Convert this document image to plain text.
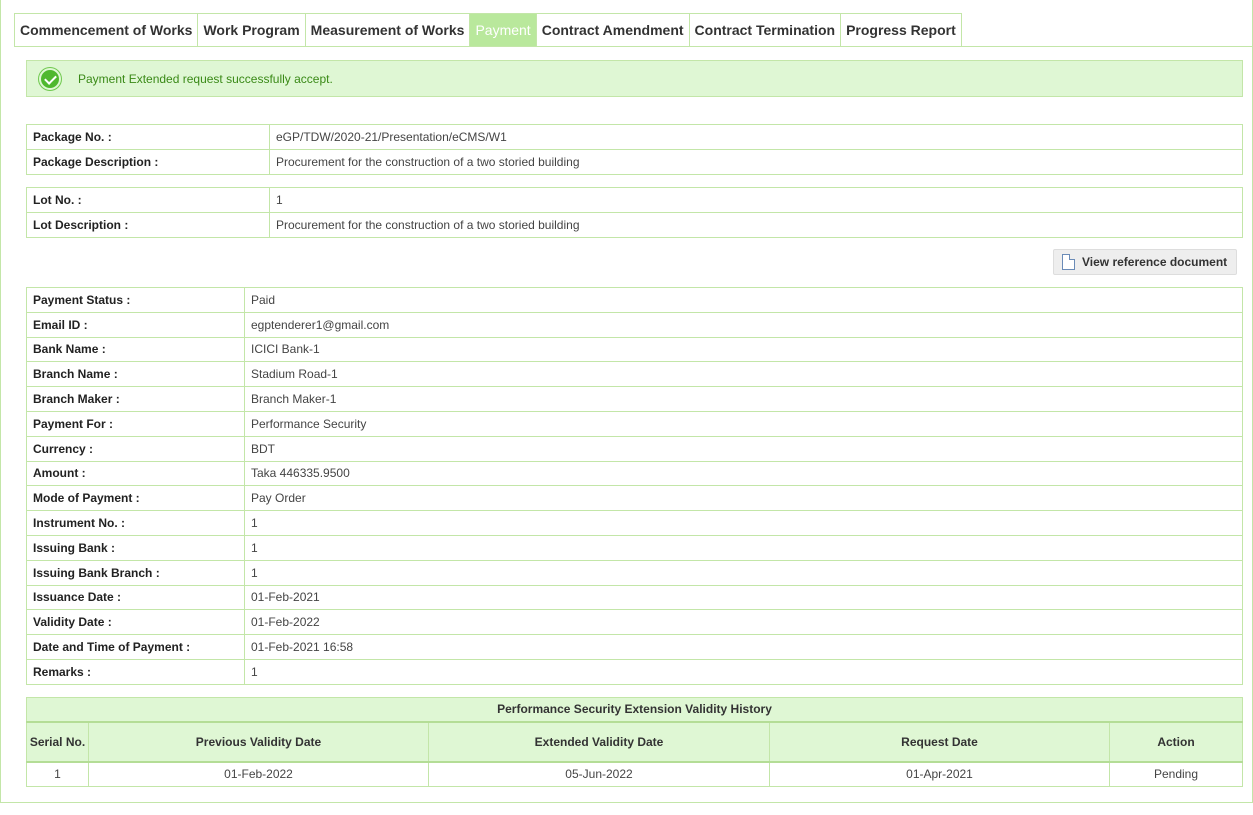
Commencement of Works Work Program Measurement of Works Payment Contract Amendment Contract Termination Progress Report
Payment Extended request successfully accept.
Package No. :	eGP/TDW/2020-21/Presentation/eCMS/W1
Package Description :	Procurement for the construction of a two storied building
Lot No. :	1
Lot Description :	Procurement for the construction of a two storied building
View reference document
Payment Status :	Paid
Email ID :	egptenderer1@gmail.com
Bank Name :	ICICI Bank-1
Branch Name :	Stadium Road-1
Branch Maker :	Branch Maker-1
Payment For :	Performance Security
Currency :	BDT
Amount :	Taka 446335.9500
Mode of Payment :	Pay Order
Instrument No. :	1
Issuing Bank :	1
Issuing Bank Branch :	1
Issuance Date :	01-Feb-2021
Validity Date :	01-Feb-2022
Date and Time of Payment :	01-Feb-2021 16:58
Remarks :	1
Performance Security Extension Validity History				
Serial No.	Previous Validity Date	Extended Validity Date	Request Date	Action
1	01-Feb-2022	05-Jun-2022	01-Apr-2021	Pending
